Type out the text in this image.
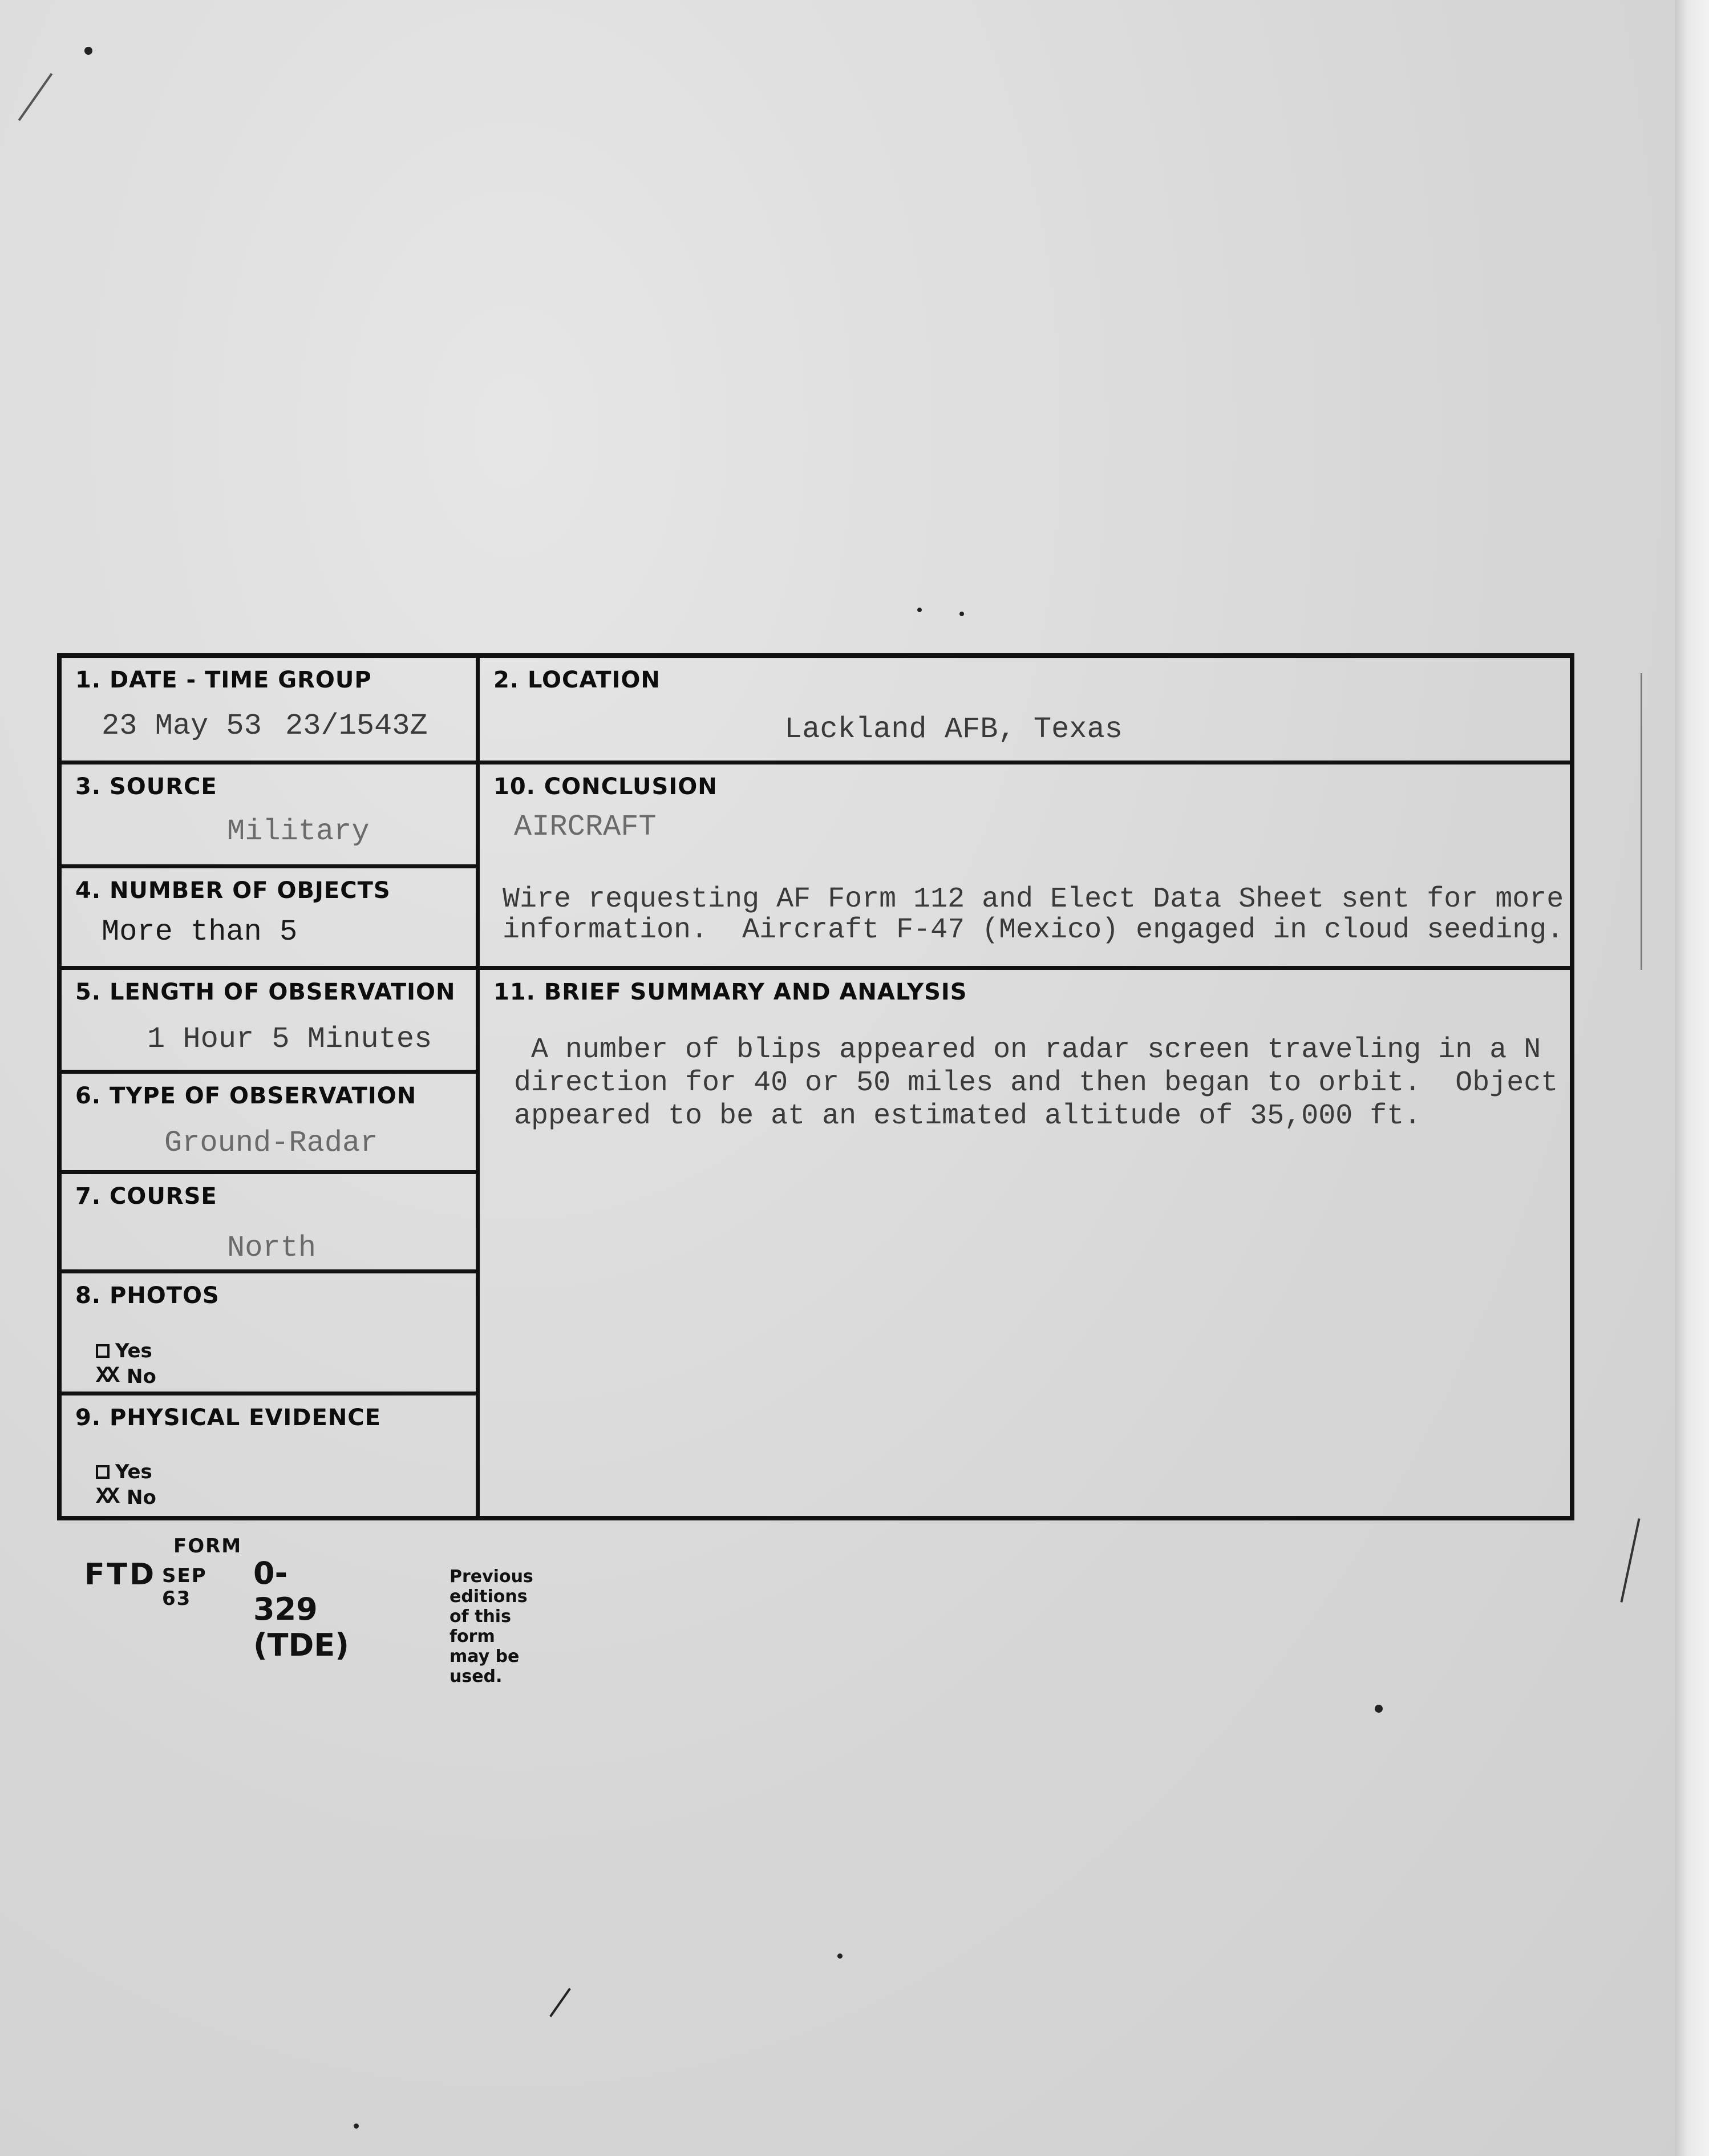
1. DATE - TIME GROUP
23 May 53 23/1543Z
2. LOCATION
Lackland AFB, Texas
3. SOURCE
Military
4. NUMBER OF OBJECTS
More than 5
10. CONCLUSION
AIRCRAFT
Wire requesting AF Form 112 and Elect Data Sheet sent for more
information.  Aircraft F-47 (Mexico) engaged in cloud seeding.
5. LENGTH OF OBSERVATION
1 Hour 5 Minutes
6. TYPE OF OBSERVATION
Ground-Radar
7. COURSE
North
8. PHOTOS
Yes
XX No
9. PHYSICAL EVIDENCE
Yes
XX No
11. BRIEF SUMMARY AND ANALYSIS
A number of blips appeared on radar screen traveling in a N
direction for 40 or 50 miles and then began to orbit.  Object
appeared to be at an estimated altitude of 35,000 ft.
FORM
FTD SEP 63
0-329 (TDE)
Previous editions of this form may be used.
